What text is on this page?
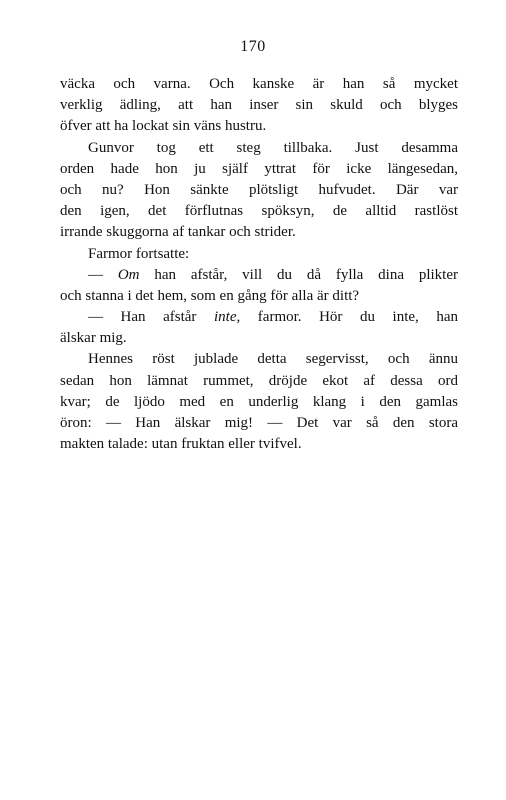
170
väcka och varna. Och kanske är han så mycket
verklig ädling, att han inser sin skuld och blyges
öfver att ha lockat sin väns hustru.
Gunvor tog ett steg tillbaka. Just desamma
orden hade hon ju själf yttrat för icke längesedan,
och nu? Hon sänkte plötsligt hufvudet. Där var
den igen, det förflutnas spöksyn, de alltid rastlöst
irrande skuggorna af tankar och strider.
Farmor fortsatte:
— Om han afstår, vill du då fylla dina plikter
och stanna i det hem, som en gång för alla är ditt?
— Han afstår inte, farmor. Hör du inte, han
älskar mig.
Hennes röst jublade detta segervisst, och ännu
sedan hon lämnat rummet, dröjde ekot af dessa ord
kvar; de ljödo med en underlig klang i den gamlas
öron: — Han älskar mig! — Det var så den stora
makten talade: utan fruktan eller tvifvel.
